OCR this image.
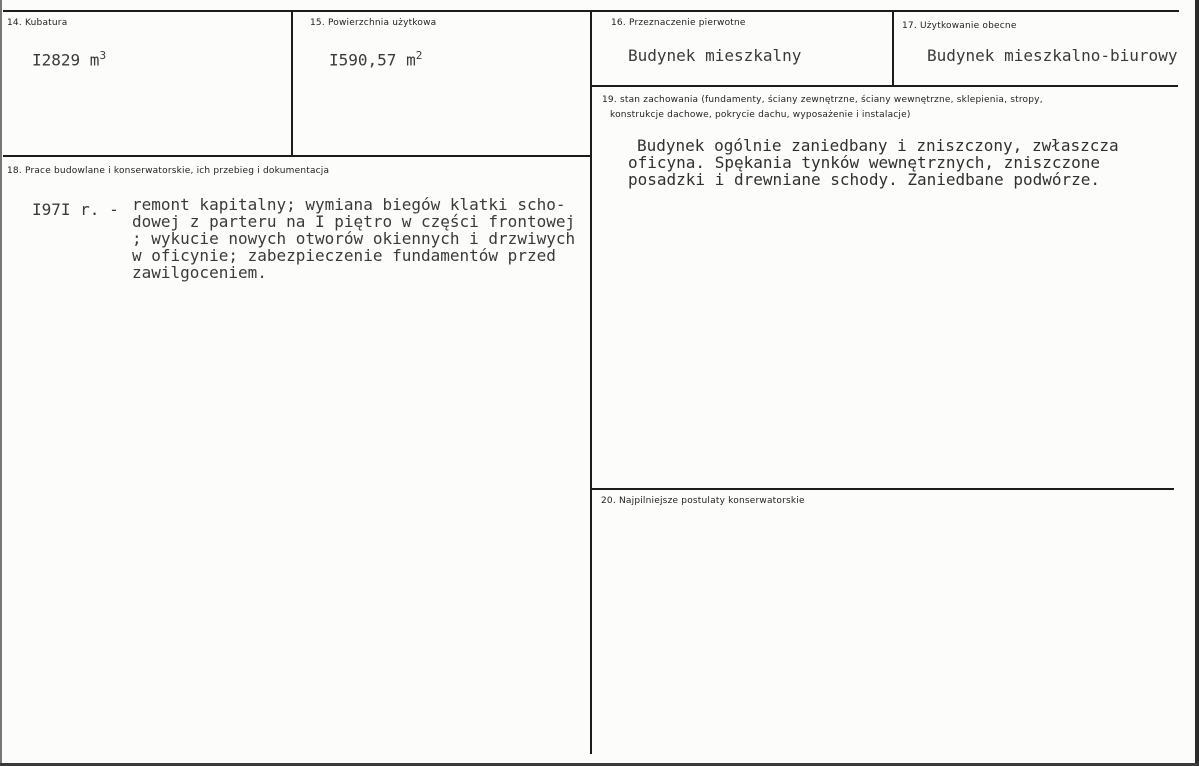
14. Kubatura
I2829 $m^3$
15. Powierzchnia użytkowa
I590,57 $m^2$
16. Przeznaczenie pierwotne
Budynek mieszkalny
17. Użytkowanie obecne
Budynek mieszkalno-biurowy
18. Prace budowlane i konserwatorskie, ich przebieg i dokumentacja
I97I r. - remont kapitalny; wymiana biegów klatki scho-
dowej z parteru na I piętro w części frontowej
; wykucie nowych otworów okiennych i drzwiwych
w oficynie; zabezpieczenie fundamentów przed
zawilgoceniem.
19. stan zachowania (fundamenty, ściany zewnętrzne, ściany wewnętrzne, sklepienia, stropy,
konstrukcje dachowe, pokrycie dachu, wyposażenie i instalacje)
Budynek ogólnie zaniedbany i zniszczony, zwłaszcza
oficyna. Spękania tynków wewnętrznych, zniszczone
posadzki i drewniane schody. Zaniedbane podwórze.
20. Najpilniejsze postulaty konserwatorskie
